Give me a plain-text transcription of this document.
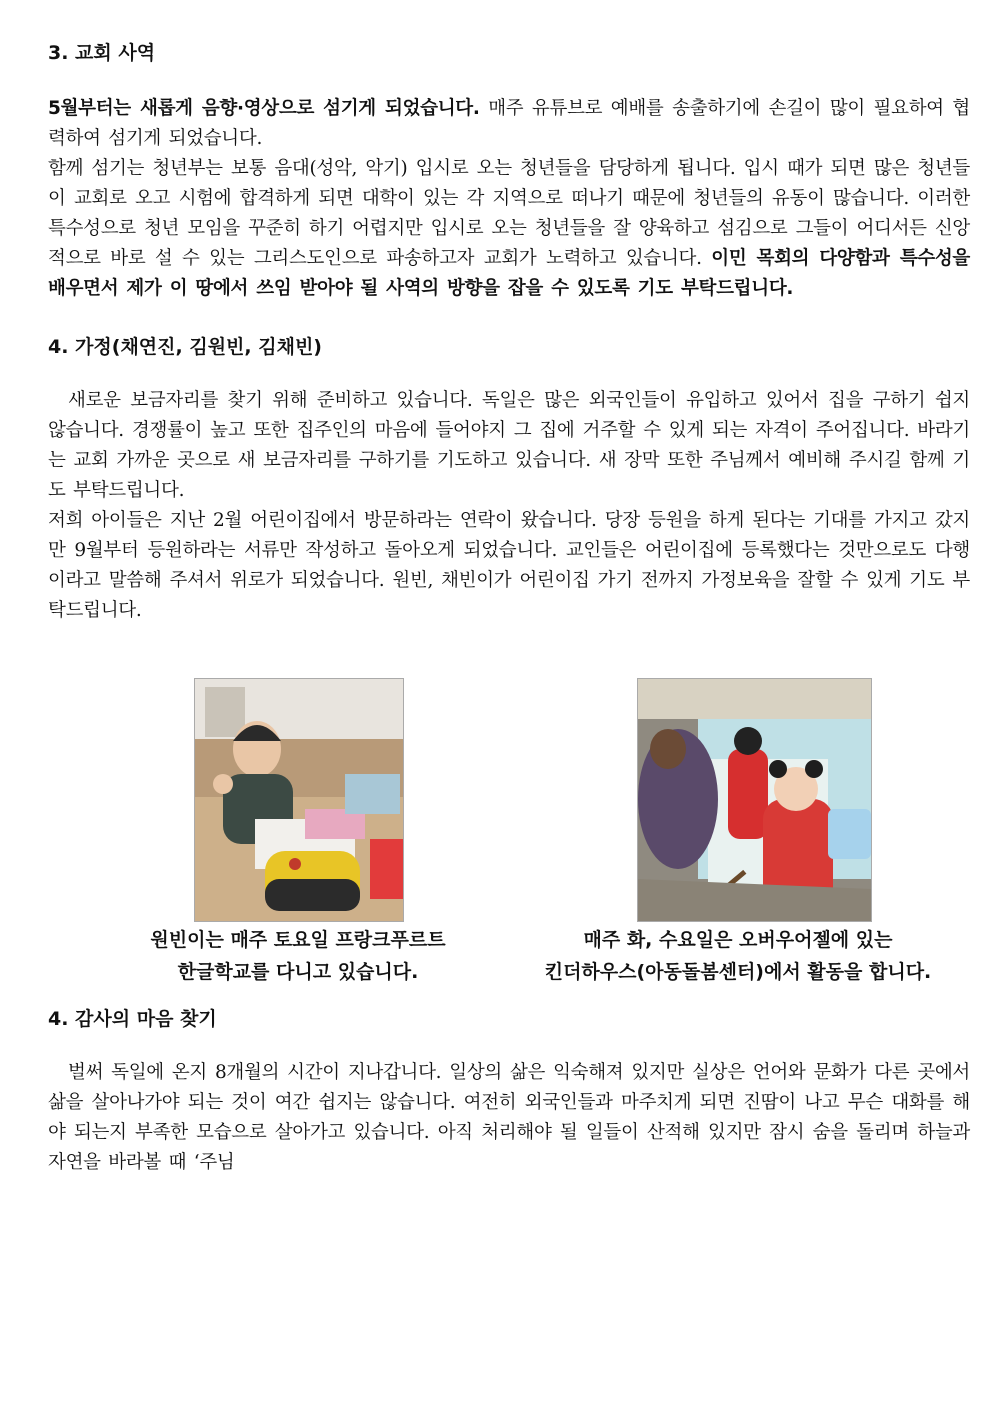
3. 교회 사역

5월부터는 새롭게 음향·영상으로 섬기게 되었습니다. 매주 유튜브로 예배를 송출하기에 손길이 많이 필요하여 협력하여 섬기게 되었습니다.

함께 섬기는 청년부는 보통 음대(성악, 악기) 입시로 오는 청년들을 담당하게 됩니다. 입시 때가 되면 많은 청년들이 교회로 오고 시험에 합격하게 되면 대학이 있는 각 지역으로 떠나기 때문에 청년들의 유동이 많습니다. 이러한 특수성으로 청년 모임을 꾸준히 하기 어렵지만 입시로 오는 청년들을 잘 양육하고 섬김으로 그들이 어디서든 신앙적으로 바로 설 수 있는 그리스도인으로 파송하고자 교회가 노력하고 있습니다. 이민 목회의 다양함과 특수성을 배우면서 제가 이 땅에서 쓰임 받아야 될 사역의 방향을 잡을 수 있도록 기도 부탁드립니다.

4. 가정(채연진, 김원빈, 김채빈)

새로운 보금자리를 찾기 위해 준비하고 있습니다. 독일은 많은 외국인들이 유입하고 있어서 집을 구하기 쉽지 않습니다. 경쟁률이 높고 또한 집주인의 마음에 들어야지 그 집에 거주할 수 있게 되는 자격이 주어집니다. 바라기는 교회 가까운 곳으로 새 보금자리를 구하기를 기도하고 있습니다. 새 장막 또한 주님께서 예비해 주시길 함께 기도 부탁드립니다.

저희 아이들은 지난 2월 어린이집에서 방문하라는 연락이 왔습니다. 당장 등원을 하게 된다는 기대를 가지고 갔지만 9월부터 등원하라는 서류만 작성하고 돌아오게 되었습니다. 교인들은 어린이집에 등록했다는 것만으로도 다행이라고 말씀해 주셔서 위로가 되었습니다. 원빈, 채빈이가 어린이집 가기 전까지 가정보육을 잘할 수 있게 기도 부탁드립니다.

원빈이는 매주 토요일 프랑크푸르트
한글학교를 다니고 있습니다.
매주 화, 수요일은 오버우어젤에 있는
킨더하우스(아동돌봄센터)에서 활동을 합니다.
4. 감사의 마음 찾기

벌써 독일에 온지 8개월의 시간이 지나갑니다. 일상의 삶은 익숙해져 있지만 실상은 언어와 문화가 다른 곳에서 삶을 살아나가야 되는 것이 여간 쉽지는 않습니다. 여전히 외국인들과 마주치게 되면 진땀이 나고 무슨 대화를 해야 되는지 부족한 모습으로 살아가고 있습니다. 아직 처리해야 될 일들이 산적해 있지만 잠시 숨을 돌리며 하늘과 자연을 바라볼 때 ‘주님
